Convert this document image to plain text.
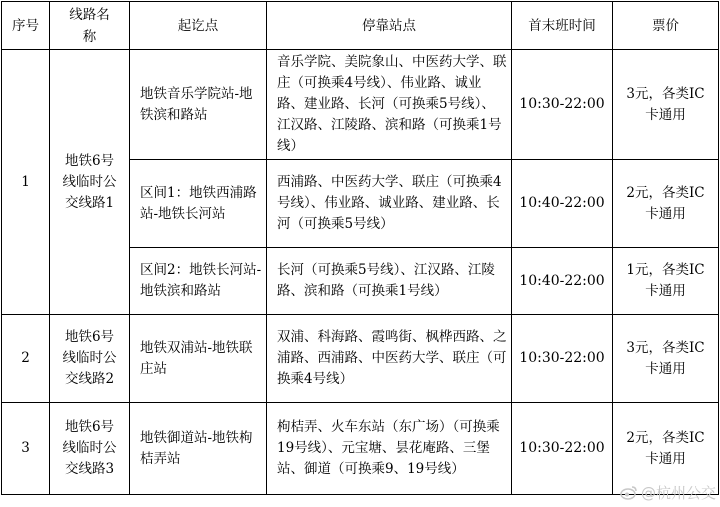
序号	线路名称	起讫点	停靠站点	首末班时间	票价
1	地铁6号线临时公交线路1	地铁音乐学院站-地铁滨和路站	音乐学院、美院象山、中医药大学、联庄（可换乘4号线）、伟业路、诚业路、建业路、长河（可换乘5号线）、江汉路、江陵路、滨和路（可换乘1号线）	10:30-22:00	3元，各类IC卡通用
		区间1：地铁西浦路站-地铁长河站	西浦路、中医药大学、联庄（可换乘4号线）、伟业路、诚业路、建业路、长河（可换乘5号线）	10:40-22:00	2元，各类IC卡通用
		区间2：地铁长河站-地铁滨和路站	长河（可换乘5号线）、江汉路、江陵路、滨和路（可换乘1号线）	10:40-22:00	1元，各类IC卡通用
2	地铁6号线临时公交线路2	地铁双浦站-地铁联庄站	双浦、科海路、霞鸣街、枫桦西路、之浦路、西浦路、中医药大学、联庄（可换乘4号线）	10:30-22:00	3元，各类IC卡通用
3	地铁6号线临时公交线路3	地铁御道站-地铁枸桔弄站	枸桔弄、火车东站（东广场）（可换乘19号线）、元宝塘、昙花庵路、三堡站、御道（可换乘9、19号线）	10:30-22:00	2元，各类IC卡通用
@杭州公交
